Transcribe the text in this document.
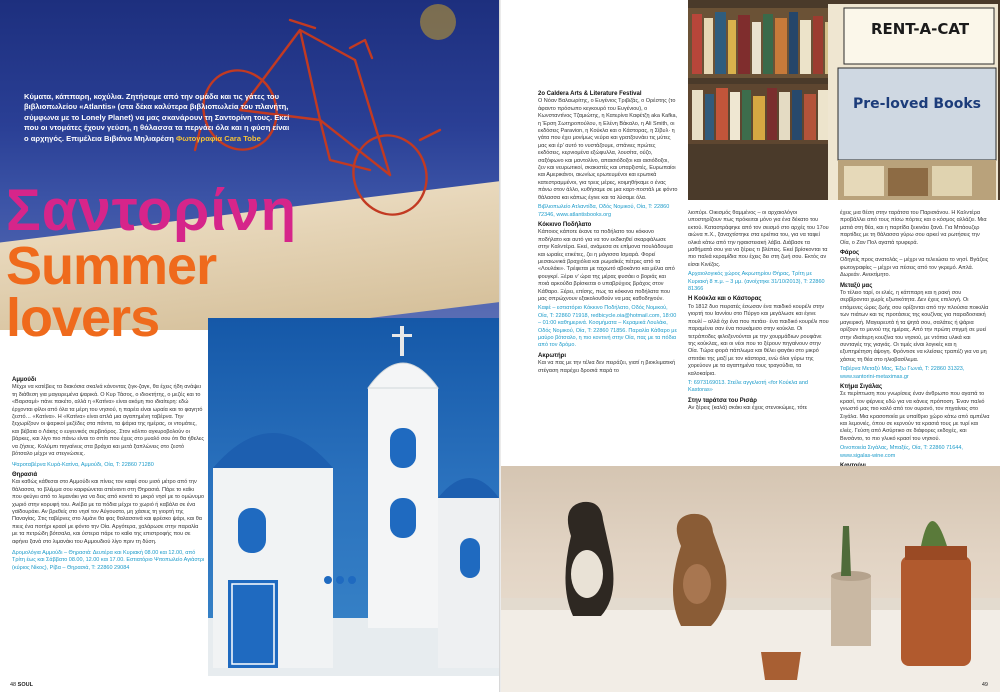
Κύματα, κάππαρη, κοχύλια. Ζητήσαμε από την ομάδα και τις γάτες του βιβλιοπωλείου «Atlantis» (στα δέκα καλύτερα βιβλιοπωλεία του πλανήτη, σύμφωνα με το Lonely Planet) να μας σκανάρουν τη Σαντορίνη τους. Εκεί που οι ντομάτες έχουν γεύση, η θάλασσα τα περνάει όλα και η φύση είναι ο αρχηγός. Επιμέλεια Βιβιάνα Μηλιαρέση Φωτογραφία Cara Tobe
Σαντορίνη
Summer
lovers
Αμμούδι

Μέχρι να κατέβεις τα διακόσια σκαλιά κάνοντας ζιγκ-ζαγκ, θα έχεις ήδη ανάψει τη διάθεση για μαγειρεμένα ψαρικά. Ο Κυρ Τάσος, ο ιδιοκτήτης, ο μεζές και το «Βαρσαμί» πάνε πακέτο, αλλά η «Κατίνα» είναι ακόμη πιο ιδιαίτερη: εδώ έρχονται φίλοι από όλα τα μέρη του νησιού, η παρέα είναι ωραία και το φαγητό ζεστό… «Κατίνα». Η «Κατίνα» είναι απλά μια αγαπημένη ταβέρνα. Την ξεχωρίζουν οι ψαρικοί μεζέδες στα πάντα, τα ψάρια της ημέρας, οι ντομάτες, και βέβαια ο Λάκης ο ευγενικός σερβιτόρος. Στον κόλπο αγκυροβολούν οι βάρκες, και λίγο πιο πάνω είναι το σπίτι που έχεις στο μυαλό σου ότι θα ήθελες να ζήσεις. Κολύμπι πηγαίνεις στα βράχια και μετά ξαπλώνεις στο ζεστό βότσαλο μέχρι να στεγνώσεις.

Ψαροταβέρνα Κυρά-Κατίνα, Αμμούδι, Οία, Τ: 22860 71280

Θηρασιά

Και καθώς κάθεσαι στο Αμμούδι και πίνεις τον καφέ σου μισό μέτρο από την θάλασσα, το βλέμμα σου καρφώνεται απέναντι στη Θηρασιά. Πάρε το καΐκι που φεύγει από το λιμανάκι για να δεις από κοντά το μικρό νησί με το ομώνυμο χωριό στην κορυφή του. Ανέβα με τα πόδια μέχρι το χωριό ή καβάλα σε ένα γαϊδουράκι. Αν βρεθείς στο νησί τον Αύγουστο, μη χάσεις τη γιορτή της Παναγίας. Στις ταβέρνες στο λιμάνι θα φας θαλασσινά και φρέσκο ψάρι, και θα πιεις ένα ποτήρι κρασί με φόντο την Οία. Αργότερα, χαλάρωσε στην παραλία με τα πετρώδη βότσαλα, και ύστερα πάρε το καΐκι της επιστροφής που σε αφήνει ξανά στο λιμανάκι του Αμμουδιού λίγο πριν τη δύση.

Δρομολόγια Αμμούδι – Θηρασιά: Δευτέρα και Κυριακή 08.00 και 12.00, από Τρίτη έως και Σάββατο 08.00, 12.00 και 17.00. Εστιατόριο Ψιτοπωλείο Αγιάστρι (κύριος Νίκος), Ρίβα – Θηρασιά, Τ: 22860 29084

48 SOUL
2ο Caldera Arts & Literature Festival

Ο Νόαν Βαλαωρίτης, ο Ευγένιος Τριβιζάς, ο Ορέστης (το άφαντο πρόσωπο κεγκουρό του Ευγένιου), ο Κωνσταντίνος Τζαμιώτης, η Κατερίνα Καφέτζη aka Kafka, η Έρση Σωτηροπούλου, η Ελένη Βάκαλο, η Ali Smith, οι εκδόσεις Paravion, η Κούκλα και ο Κάστορας, η Σίβυλ· η γάτα που έχει μονίμως νεύρα και γρατζουνάει τις μύτες μας και έρ' αυτό το νυστάζουμε, σπάνιες πρώτες εκδόσεις, κερνιομένα εξώφυλλα, λουσίτα, ούζο, σαξόφωνο και μαντολίνο, απαισιόδοξοι και αισιόδοξοι, ζεν και νευρωτικοί, σκακιστές και υπαρξιστές, Ευρωπαίοι και Αμερικάνοι, αιωνίως ερωτευμένοι και ερωτικά κατεστραμμένοι, για τρεις μέρες, κοιμηθήκαμε ο ένας πάνω στον άλλο, κυθήσαμε σε μια καρτ-ποστάλ με φόντο θάλασσα και κάπως έγινε και τα λύσαμε όλα.

Βιβλιοπωλείο Ατλαντίδα, Οδός Νομικού, Οία, Τ: 22860 72346, www.atlantisbooks.org

Κόκκινο Ποδήλατο

Κάποιος κάποτε έκανε τα ποδήλατο του κόκκινο ποδήλατο και αυτό για να τον εκδικηθεί σκαρφάλωσε στην Καλντέρα. Εκεί, ανάμεσα σε επίμονα πουλάδουμα και ωραίες ετικέτες, ζει η μάγισσα Ισμαρά. Φορεί μεσαιωνικά βραχιόλια και ρωμαϊκές πέτρες από τα «Λουλάκι». Τρέφεται με ταχιωτό αβοκάντο και μέλια από φουγκρί. Ξέρει ν' ώρα της μέρας φυσάει ο βοριάς και ποιά αρκούδα βρίσκεται ο υπαβρύχιος βράχος στον Κάθαρο. Ξέρει, επίσης, πως τα κόκκινα ποδήλατα που μας σπρώχνουν εξακολουθούν να μας καθοδηγούν.

Καφέ – εστιατόριο Κόκκινο Ποδήλατο, Οδός Νομικού, Οία, Τ: 22860 71918, redbicycle.oia@hotmail.com, 18:00 – 01:00 καθημερινά. Κοσμήματα – Κεραμικά Λουλάκι, Οδός Νομικού, Οία, Τ: 22860 71856. Παραλία Κάθαρο με μαύρο βότσαλο, η πιο κοντινή στην Οία, πας με τα πόδια από τον δρόμο.

Ακρωτήρι

Και να πας με την τέλια δεν πειράζει, γιατί η βιοκλιματική στέγαση παρέχει δροσιά παρά το

λιοπύρι. Οικισμός θαμμένος – οι αρχαιολόγοι υποστηρίζουν πως πρόκειται μόνο για ένα δέκατο του εκτού. Καταστράφηκε από τον σεισμό στο αρχές του 17ου αιώνα π.Χ., ξαναχτίστηκε στα ερείπια του, για να ταφεί ολικά κάτω από την ηφαιστειακή λάβα. Διάβασε τα μαθήματά σου για να ξέρεις τι βλέπεις. Εκεί βρίσκονται τα πιο παλιά κεραμίδια που έχεις δει στη ζωή σου. Εκτός αν είσαι Κινέζος.

Αρχαιολογικός χώρος Ακρωτηρίου Θήρας, Τρίτη με Κυριακή 8 π.μ. – 3 μμ. (ανοίχτηκε 31/10/2013), Τ: 22860 81366

Η Κούκλα και ο Κάστορας

Το 1812 δυο πειρατές έσωσαν ένα παιδικό κουρέλι στην γιορτή του Ιαννίου στο Πύργο και μεγάλωσε και έγινε πουλί – αλλά όχι ένα που πετάει· ένα παιδικό κουρέλι που παραμένει σαν ένα πουκάμισο στην κούκλα. Οι τετράποδες φιλοξενούνται με την χουρμάδιων ρουφάνε της κούκλας, και οι νέοι που το ξέρουν πηγαίνουν στην Οία. Τώρα φορά πάπλωμα και θέλει φαγάκι στο μικρό σπιτάκι της μαζί με τον κάστορα, ενώ όλοι γύρω της χορεύουν με τα αγαπημένα τους τραγούδια, τα καλοκαίρια.

Τ: 6973169013. Στείλε αγγελιοτή «for Κούκλα and Kastoras»

Στην ταράτσα του Ρισάρ

Αν ξέρεις (καλά) σκάκι και έχεις στενοκώμες, τότε

έχεις μια θέση στην ταράτσα του Παρισιάνου. Η Καλντέρα προβάλλει από τους πίσω πόρτες και ο κόσμος αλλάζει. Μια ματιά στη θέα, και η παρτίδα ξεκινάει ξανά. Για Μπάουζερ παρτίδες με τη θάλασσα γύρω σου αρκεί να ρωτήσεις την Οία, ο Ζαν Πολ αγαπά τρυφερά.

Φάρος

Οδηγείς προς ανατολάς – μέχρι να τελειώσει το νησί. Βγάζεις φωτογραφίες – μέχρι να πέσεις από τον γκρεμό. Απλά. Δωρεάν. Ανεκτίμητο.

Μεταξύ μας

Το τέλειο ταρί, οι ελιές, η κάππαρη και η ρακή σου σερβίρονται χωρίς εξωτικότητα. Δεν έχεις επιλογή. Οι επόμενες ώρες ζωής σου ορίζονται από την πλούσια ποικιλία των πιάτων και τις προτάσεις της κουζίνας για παραδοσιακή μαγειρική. Μαγειρευτά ή τα ψητά σου, σαλάτες ή ψάρια ορίζουν το μενού της ημέρας. Από την πρώτη στιγμή σε μυεί στην ιδιαίτερη κουζίνα του νησιού, με ντόπια υλικά και συνταγές της γιαγιάς. Οι τιμές είναι λογικές και η εξυπηρέτηση άψογη. Φρόντισε να κλείσεις τραπέζι για να μη χάσεις τη θέα στο ηλιοβασίλεμα.

Ταβέρνα Μεταξύ Μας, Έξω Γωνιά, Τ: 22860 31323, www.santorini-metaximas.gr

Κτήμα Σιγάλας

Σε περίπτωση που γνωρίσεις έναν άνθρωπο που αγαπά το κρασί, τον φέρνεις εδώ για να κάνεις πρόποση. Έναν παλιό γνωστό μας πιο καλό από τον ουρανό, τον πηγαίνεις στο Σιγάλα. Μια κρασοποιία με υπαίθριο χώρο κάτω από αμπέλια και λεμονιές, όπου σε κερνούν τα κρασιά τους με τυρί και ελιές. Γεύση από Ασύρτικο σε διάφορες εκδοχές, και Βινσάντο, το πιο γλυκό κρασί του νησιού.

Οινοποιεία Σιγάλας, Μπαξές, Οία, Τ: 22860 71644, www.sigalas-wine.com

RENT-A-CAT
Pre-loved Books
49
